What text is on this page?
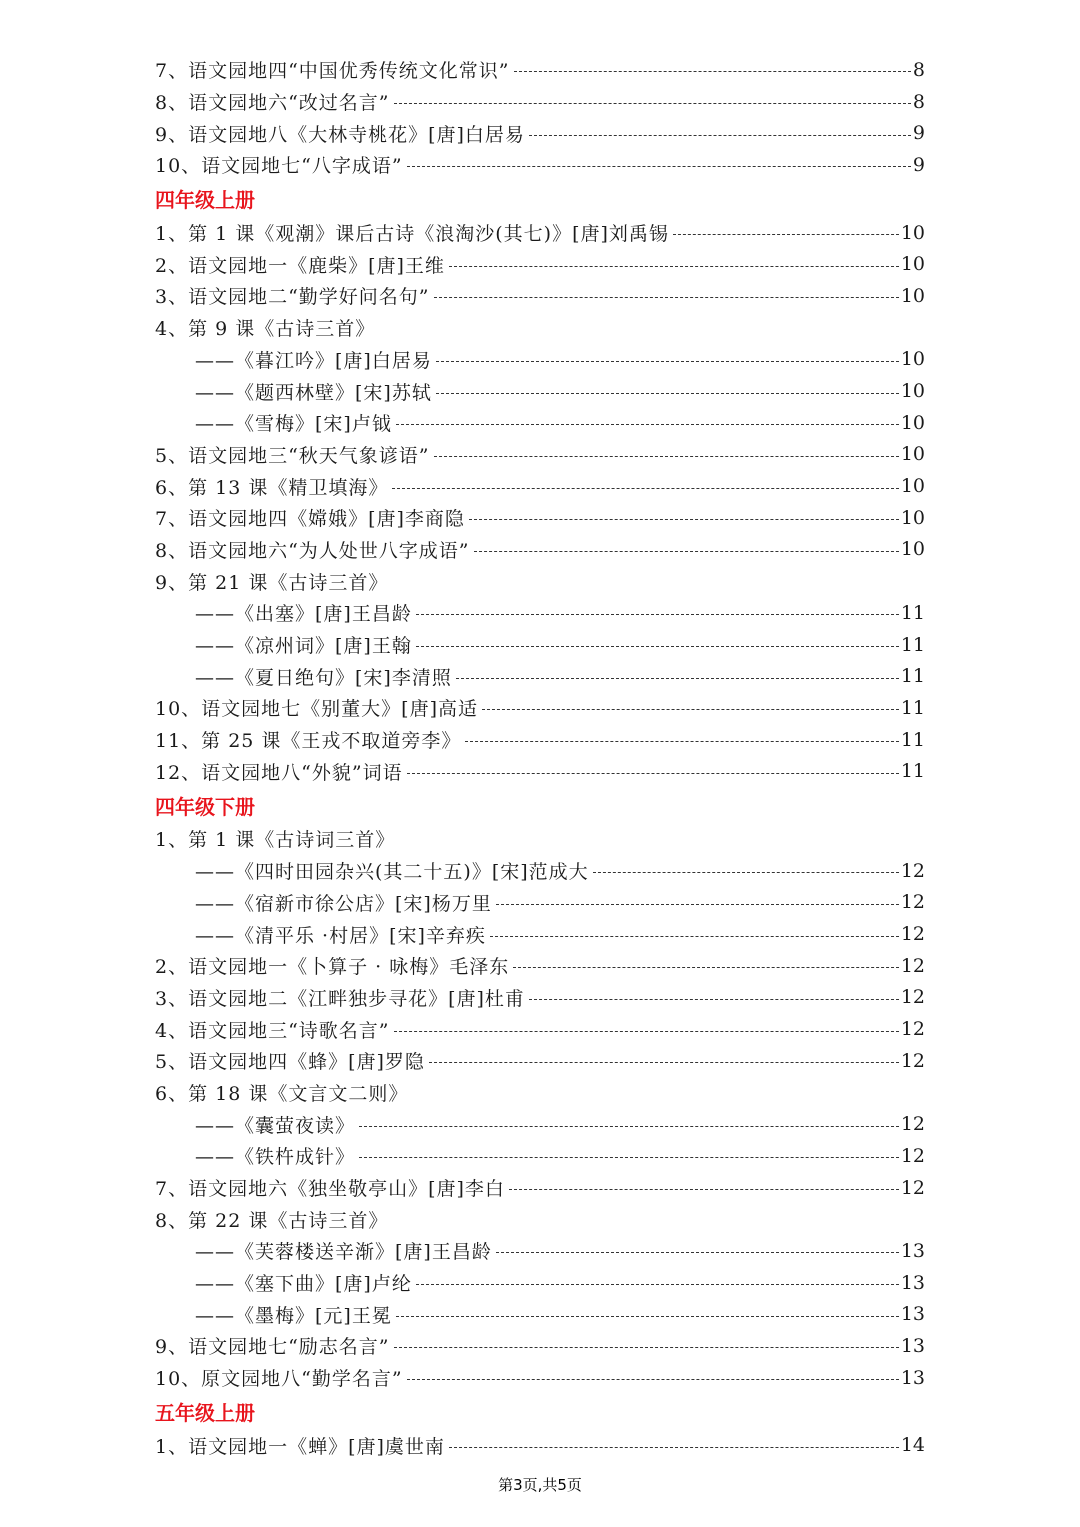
7、语文园地四“中国优秀传统文化常识”	8
8、语文园地六“改过名言”	8
9、语文园地八《大林寺桃花》[唐]白居易	9
10、语文园地七“八字成语”	9
四年级上册
1、第 1 课《观潮》课后古诗《浪淘沙(其七)》[唐]刘禹锡	10
2、语文园地一《鹿柴》[唐]王维	10
3、语文园地二“勤学好问名句”	10
4、第 9 课《古诗三首》
——《暮江吟》[唐]白居易	10
——《题西林壁》[宋]苏轼	10
——《雪梅》[宋]卢钺	10
5、语文园地三“秋天气象谚语”	10
6、第 13 课《精卫填海》	10
7、语文园地四《嫦娥》[唐]李商隐	10
8、语文园地六“为人处世八字成语”	10
9、第 21 课《古诗三首》
——《出塞》[唐]王昌龄	11
——《凉州词》[唐]王翰	11
——《夏日绝句》[宋]李清照	11
10、语文园地七《别董大》[唐]高适	11
11、第 25 课《王戎不取道旁李》	11
12、语文园地八“外貌”词语	11
四年级下册
1、第 1 课《古诗词三首》
——《四时田园杂兴(其二十五)》[宋]范成大	12
——《宿新市徐公店》[宋]杨万里	12
——《清平乐 ·村居》[宋]辛弃疾	12
2、语文园地一《卜算子 · 咏梅》毛泽东	12
3、语文园地二《江畔独步寻花》[唐]杜甫	12
4、语文园地三“诗歌名言”	12
5、语文园地四《蜂》[唐]罗隐	12
6、第 18 课《文言文二则》
——《囊萤夜读》	12
——《铁杵成针》	12
7、语文园地六《独坐敬亭山》[唐]李白	12
8、第 22 课《古诗三首》
——《芙蓉楼送辛渐》[唐]王昌龄	13
——《塞下曲》[唐]卢纶	13
——《墨梅》[元]王冕	13
9、语文园地七“励志名言”	13
10、原文园地八“勤学名言”	13
五年级上册
1、语文园地一《蝉》[唐]虞世南	14
第3页,共5页
